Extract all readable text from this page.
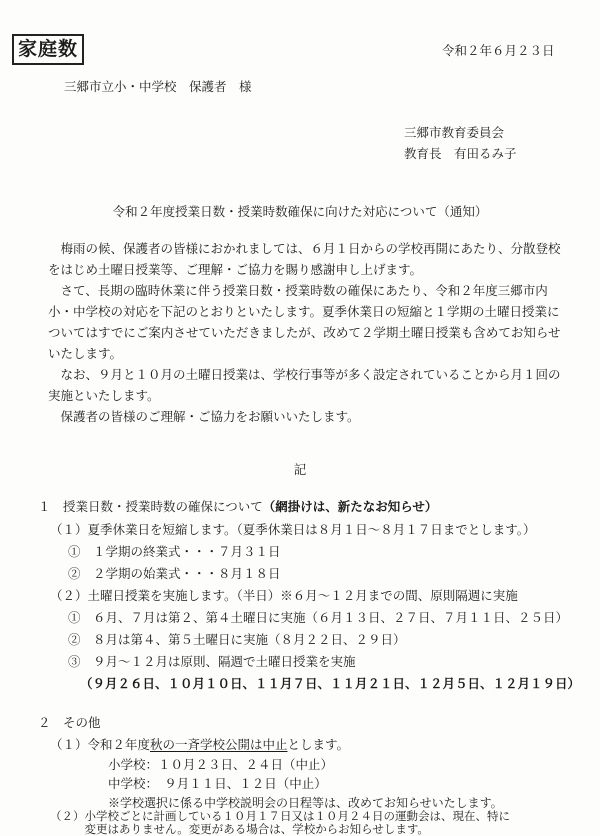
家庭数	令和２年６月２３日
三郷市立小・中学校　保護者　様
三郷市教育委員会
教育長　有田るみ子
令和２年度授業日数・授業時数確保に向けた対応について（通知）
梅雨の候、保護者の皆様におかれましては、６月１日からの学校再開にあたり、分散登校をはじめ土曜日授業等、ご理解・ご協力を賜り感謝申し上げます。
さて、長期の臨時休業に伴う授業日数・授業時数の確保にあたり、令和２年度三郷市内小・中学校の対応を下記のとおりといたします。夏季休業日の短縮と１学期の土曜日授業についてはすでにご案内させていただきましたが、改めて２学期土曜日授業も含めてお知らせいたします。
なお、９月と１０月の土曜日授業は、学校行事等が多く設定されていることから月１回の実施といたします。
保護者の皆様のご理解・ご協力をお願いいたします。
記
１　授業日数・授業時数の確保について（網掛けは、新たなお知らせ）
（１）夏季休業日を短縮します。（夏季休業日は８月１日～８月１７日までとします。）
①　１学期の終業式・・・７月３１日
②　２学期の始業式・・・８月１８日
（２）土曜日授業を実施します。（半日）※６月～１２月までの間、原則隔週に実施
①　６月、７月は第２、第４土曜日に実施（６月１３日、２７日、７月１１日、２５日）
②　８月は第４、第５土曜日に実施（８月２２日、２９日）
③　９月～１２月は原則、隔週で土曜日授業を実施
（９月２６日、１０月１０日、１１月７日、１１月２１日、１２月５日、１２月１９日）
２　その他
（１）令和２年度秋の一斉学校公開は中止とします。
小学校：１０月２３日、２４日（中止）
中学校：　９月１１日、１２日（中止）
※学校選択に係る中学校説明会の日程等は、改めてお知らせいたします。
（２）小学校ごとに計画している１０月１７日又は１０月２４日の運動会は、現在、特に
変更はありません。変更がある場合は、学校からお知らせします。
